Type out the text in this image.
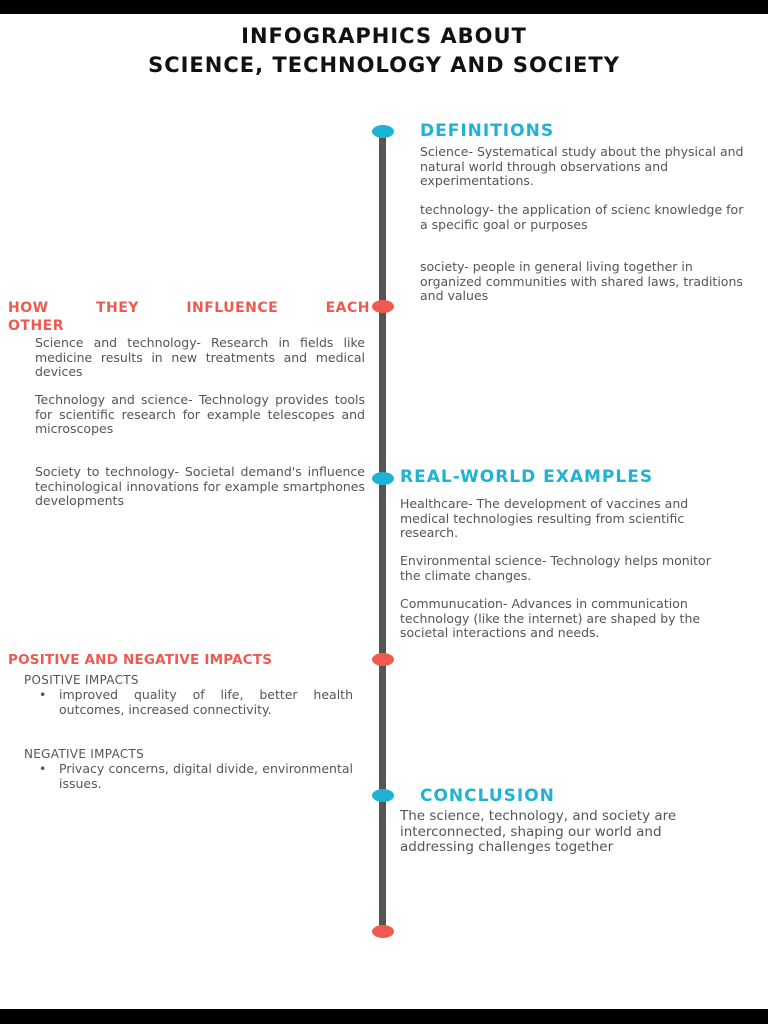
INFOGRAPHICS ABOUT
SCIENCE, TECHNOLOGY AND SOCIETY
DEFINITIONS
Science- Systematical study about the physical and natural world through observations and experimentations.
technology- the application of scienc knowledge for a specific goal or purposes
society- people in general living together in organized communities with shared laws, traditions and values
HOW THEY INFLUENCE EACH
OTHER
Science and technology- Research in fields like medicine results in new treatments and medical devices
Technology and science- Technology provides tools for scientific research for example telescopes and microscopes
Society to technology- Societal demand's influence techinological innovations for example smartphones developments
REAL-WORLD EXAMPLES
Healthcare- The development of vaccines and medical technologies resulting from scientific research.
Environmental science- Technology helps monitor the climate changes.
Communucation- Advances in communication technology (like the internet) are shaped by the societal interactions and needs.
POSITIVE AND NEGATIVE IMPACTS
POSITIVE IMPACTS
• improved quality of life, better health outcomes, increased connectivity.
NEGATIVE IMPACTS
• Privacy concerns, digital divide, environmental issues.
CONCLUSION
The science, technology, and society are interconnected, shaping our world and addressing challenges together
